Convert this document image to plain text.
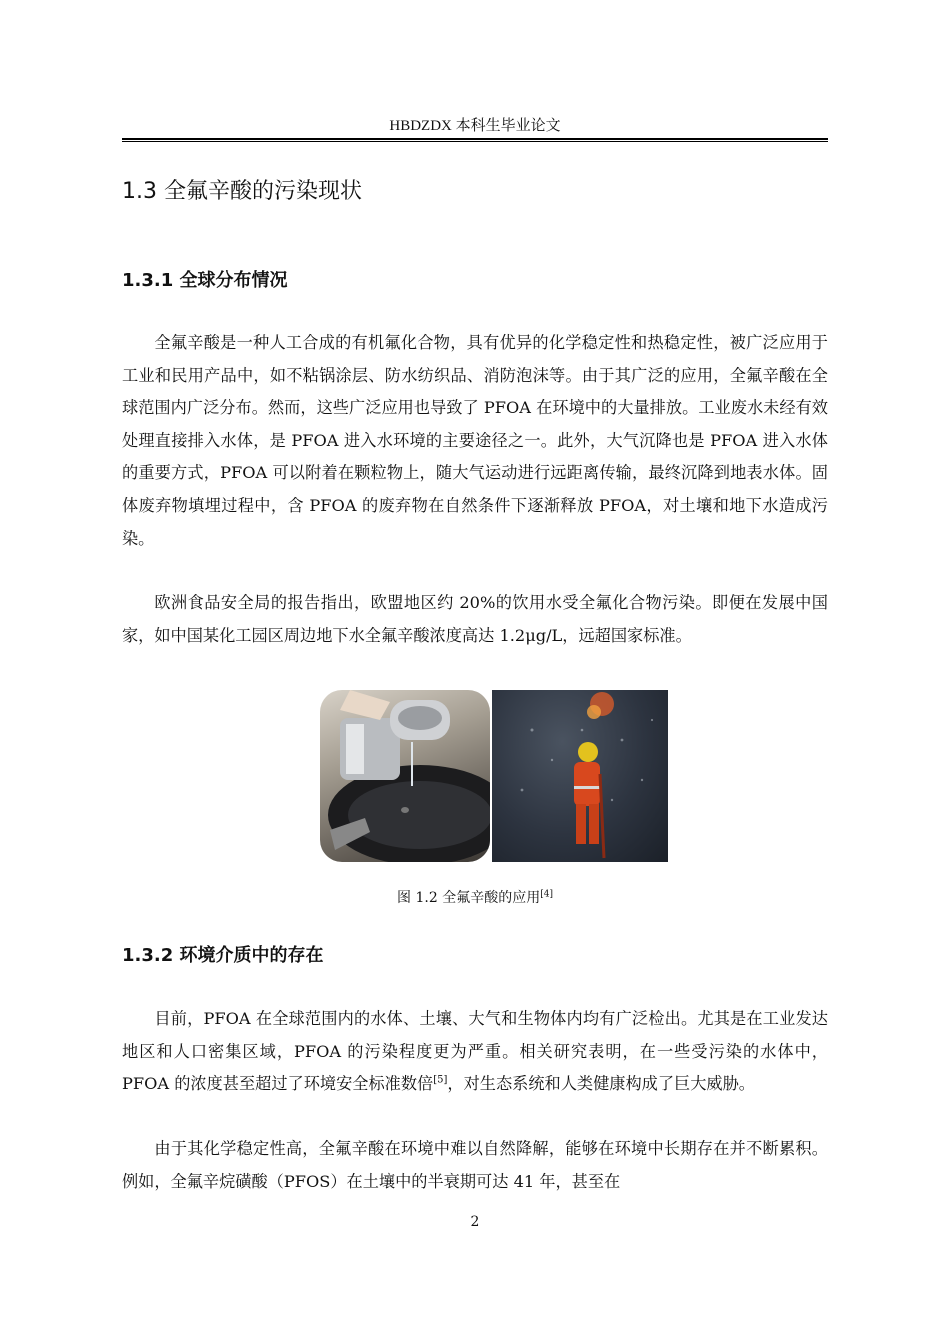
HBDZDX 本科生毕业论文
1.3 全氟辛酸的污染现状
1.3.1 全球分布情况

全氟辛酸是一种人工合成的有机氟化合物，具有优异的化学稳定性和热稳定性，被广泛应用于工业和民用产品中，如不粘锅涂层、防水纺织品、消防泡沫等。由于其广泛的应用，全氟辛酸在全球范围内广泛分布。然而，这些广泛应用也导致了 PFOA 在环境中的大量排放。工业废水未经有效处理直接排入水体，是 PFOA 进入水环境的主要途径之一。此外，大气沉降也是 PFOA 进入水体的重要方式，PFOA 可以附着在颗粒物上，随大气运动进行远距离传输，最终沉降到地表水体。固体废弃物填埋过程中，含 PFOA 的废弃物在自然条件下逐渐释放 PFOA，对土壤和地下水造成污染。

欧洲食品安全局的报告指出，欧盟地区约 20%的饮用水受全氟化合物污染。即便在发展中国家，如中国某化工园区周边地下水全氟辛酸浓度高达 1.2μg/L，远超国家标准。

图 1.2 全氟辛酸的应用[4]
1.3.2 环境介质中的存在

目前，PFOA 在全球范围内的水体、土壤、大气和生物体内均有广泛检出。尤其是在工业发达地区和人口密集区域，PFOA 的污染程度更为严重。相关研究表明，在一些受污染的水体中，PFOA 的浓度甚至超过了环境安全标准数倍[5]，对生态系统和人类健康构成了巨大威胁。

由于其化学稳定性高，全氟辛酸在环境中难以自然降解，能够在环境中长期存在并不断累积。例如，全氟辛烷磺酸（PFOS）在土壤中的半衰期可达 41 年，甚至在

2
